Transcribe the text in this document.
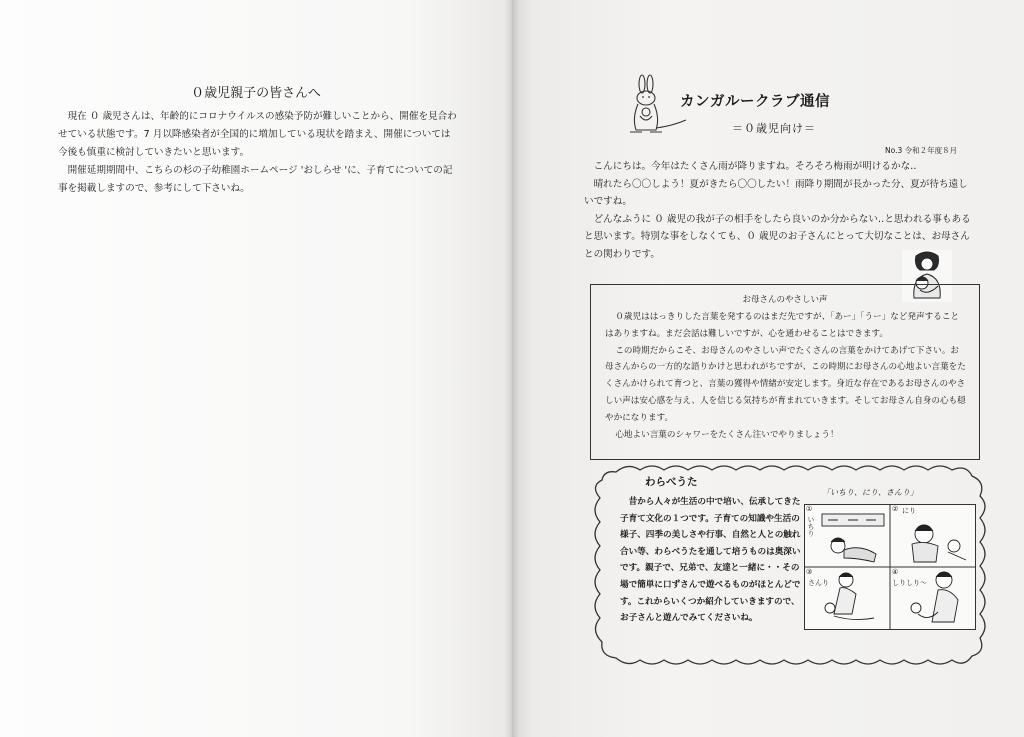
０歳児親子の皆さんへ

現在 ０ 歳児さんは、年齢的にコロナウイルスの感染予防が難しいことから、開催を見合わせている状態です。7 月以降感染者が全国的に増加している現状を踏まえ、開催については今後も慎重に検討していきたいと思います。

開催延期期間中、こちらの杉の子幼稚園ホームページ 'おしらせ 'に、子育てについての記事を掲載しますので、参考にして下さいね。

カンガルークラブ通信
＝０歳児向け＝
No.3 令和２年度８月

こんにちは。今年はたくさん雨が降りますね。そろそろ梅雨が明けるかな‥

晴れたら〇〇しよう！夏がきたら〇〇したい！雨降り期間が長かった分、夏が待ち遠しいですね。

どんなふうに ０ 歳児の我が子の相手をしたら良いのか分からない‥と思われる事もあると思います。特別な事をしなくても、０ 歳児のお子さんにとって大切なことは、お母さんとの関わりです。

お母さんのやさしい声

０歳児ははっきりした言葉を発するのはまだ先ですが、「あー」「うー」など発声することはありますね。まだ会話は難しいですが、心を通わせることはできます。

この時期だからこそ、お母さんのやさしい声でたくさんの言葉をかけてあげて下さい。お母さんからの一方的な語りかけと思われがちですが、この時期にお母さんの心地よい言葉をたくさんかけられて育つと、言葉の獲得や情緒が安定します。身近な存在であるお母さんのやさしい声は安心感を与え、人を信じる気持ちが育まれていきます。そしてお母さん自身の心も穏やかになります。

心地よい言葉のシャワーをたくさん注いでやりましょう！

わらべうた

昔から人々が生活の中で培い、伝承してきた子育て文化の１つです。子育ての知識や生活の様子、四季の美しさや行事、自然と人との触れ合い等、わらべうたを通して培うものは奥深いです。親子で、兄弟で、友達と一緒に・・その場で簡単に口ずさんで遊べるものがほとんどです。これからいくつか紹介していきますので、お子さんと遊んでみてくださいね。

「いちり、にり、さんり」
①
いちり
② にり
③
さんり
④
しりしり〜
